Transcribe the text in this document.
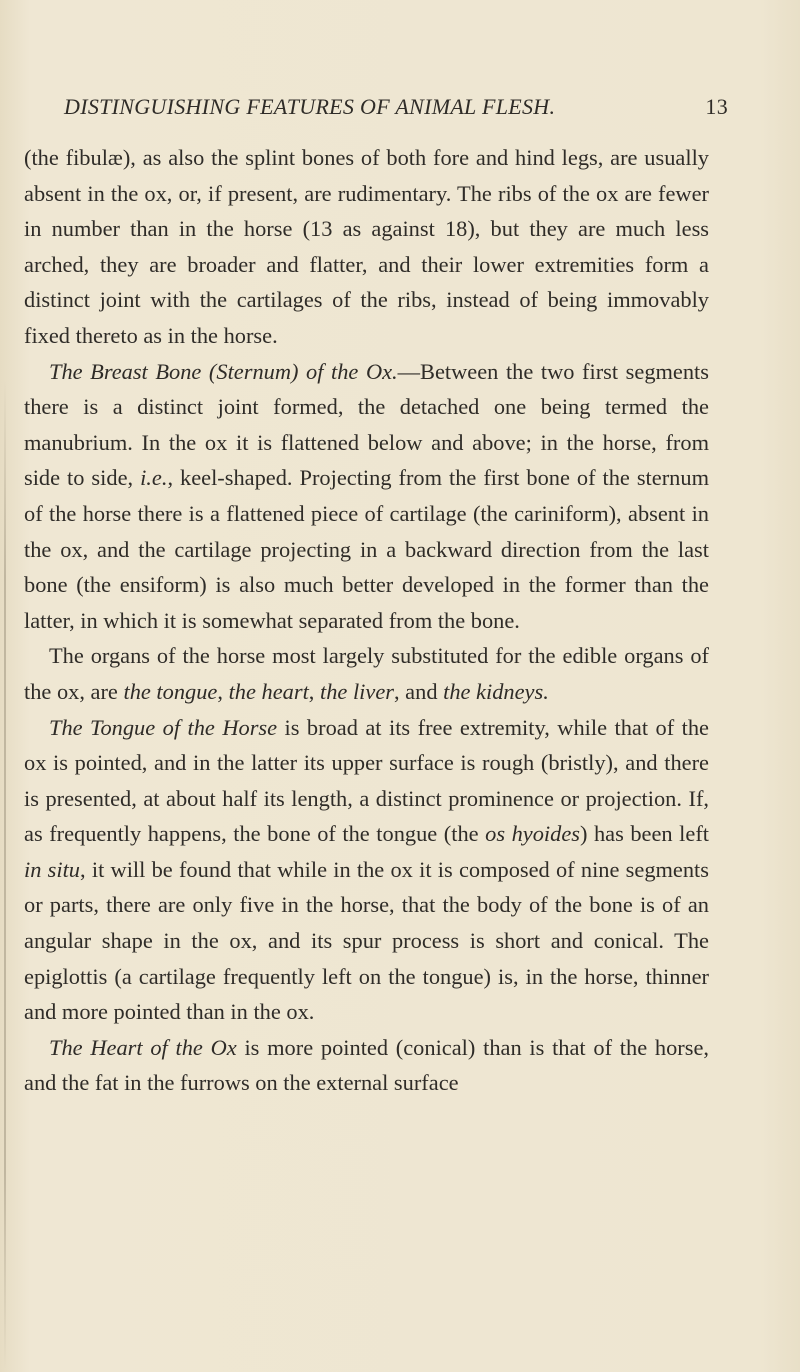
DISTINGUISHING FEATURES OF ANIMAL FLESH.	13

(the fibulæ), as also the splint bones of both fore and hind legs, are usually absent in the ox, or, if present, are rudimentary. The ribs of the ox are fewer in number than in the horse (13 as against 18), but they are much less arched, they are broader and flatter, and their lower extremities form a distinct joint with the cartilages of the ribs, instead of being immovably fixed thereto as in the horse.

The Breast Bone (Sternum) of the Ox.—Between the two first segments there is a distinct joint formed, the detached one being termed the manubrium. In the ox it is flattened below and above; in the horse, from side to side, i.e., keel-shaped. Projecting from the first bone of the sternum of the horse there is a flattened piece of cartilage (the cariniform), absent in the ox, and the cartilage projecting in a backward direction from the last bone (the ensiform) is also much better developed in the former than the latter, in which it is somewhat separated from the bone.

The organs of the horse most largely substituted for the edible organs of the ox, are the tongue, the heart, the liver, and the kidneys.

The Tongue of the Horse is broad at its free extremity, while that of the ox is pointed, and in the latter its upper surface is rough (bristly), and there is presented, at about half its length, a distinct prominence or projection. If, as frequently happens, the bone of the tongue (the os hyoides) has been left in situ, it will be found that while in the ox it is composed of nine segments or parts, there are only five in the horse, that the body of the bone is of an angular shape in the ox, and its spur process is short and conical. The epiglottis (a cartilage frequently left on the tongue) is, in the horse, thinner and more pointed than in the ox.

The Heart of the Ox is more pointed (conical) than is that of the horse, and the fat in the furrows on the external surface
